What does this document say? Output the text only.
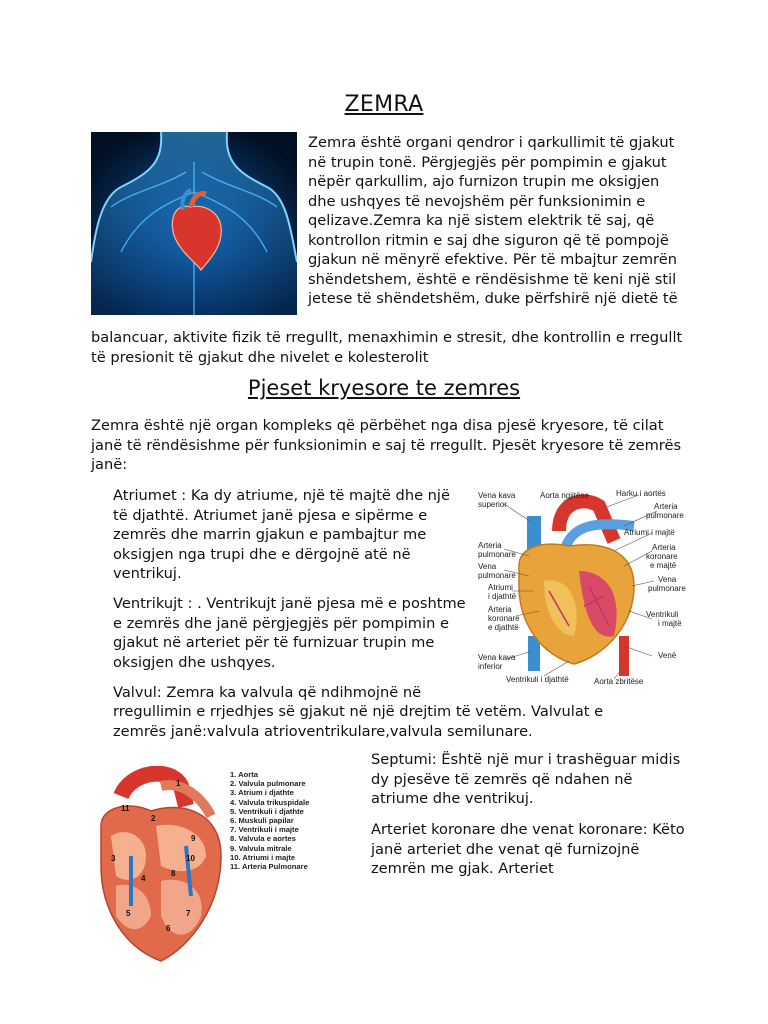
ZEMRA
Zemra është organi qendror i qarkullimit të gjakut në trupin tonë. Përgjegjës për pompimin e gjakut nëpër qarkullim, ajo furnizon trupin me oksigjen dhe ushqyes të nevojshëm për funksionimin e qelizave.Zemra ka një sistem elektrik të saj, që kontrollon ritmin e saj dhe siguron që të pompojë gjakun në mënyrë efektive. Për të mbajtur zemrën shëndetshem, është e rëndësishme të keni një stil jetese të shëndetshëm, duke përfshirë një dietë të
balancuar, aktivite fizik të rregullt, menaxhimin e stresit, dhe kontrollin e rregullt të presionit të gjakut dhe nivelet e kolesterolit
Pjeset kryesore te zemres
Zemra është një organ kompleks që përbëhet nga disa pjesë kryesore, të cilat janë të rëndësishme për funksionimin e saj të rregullt. Pjesët kryesore të zemrës janë:
Atriumet : Ka dy atriume, një të majtë dhe një të djathtë. Atriumet janë pjesa e sipërme e zemrës dhe marrin gjakun e pambajtur me oksigjen nga trupi dhe e dërgojnë atë në ventrikuj.
Ventrikujt : . Ventrikujt janë pjesa më e poshtme e zemrës dhe janë përgjegjës për pompimin e gjakut në arteriet për të furnizuar trupin me oksigjen dhe ushqyes.
Valvul: Zemra ka valvula që ndihmojnë në
rregullimin e rrjedhjes së gjakut në një drejtim të vetëm. Valvulat e zemrës janë:valvula atrioventrikulare,valvula semilunare.
Vena kava superior
Aorta ngjitëse	Harku i aortës
Arteria pulmonare
Atriumi i majtë
Arteria koronare e majtë
Arteria pulmonare
Vena pulmonare	Vena pulmonare
Atriumi i djathtë
Arteria koronare e djathtë
Ventrikuli i majtë
Venë
Vena kava inferior
Ventrikuli i djathtë	Aorta zbritëse
Septumi: Është një mur i trashëguar midis dy pjesëve të zemrës që ndahen në atriume dhe ventrikuj.
Arteriet koronare dhe venat koronare: Këto janë arteriet dhe venat që furnizojnë zemrën me gjak. Arteriet
1
11
2
3
4
10
8
9
5
6
7
1. Aorta
2. Valvula pulmonare
3. Atrium i djathte
4. Valvula trikuspidale
5. Ventrikuli i djathte
6. Muskuli papilar
7. Ventrikuli i majte
8. Valvula e aortes
9. Valvula mitrale
10. Atriumi i majte
11. Arteria Pulmonare
